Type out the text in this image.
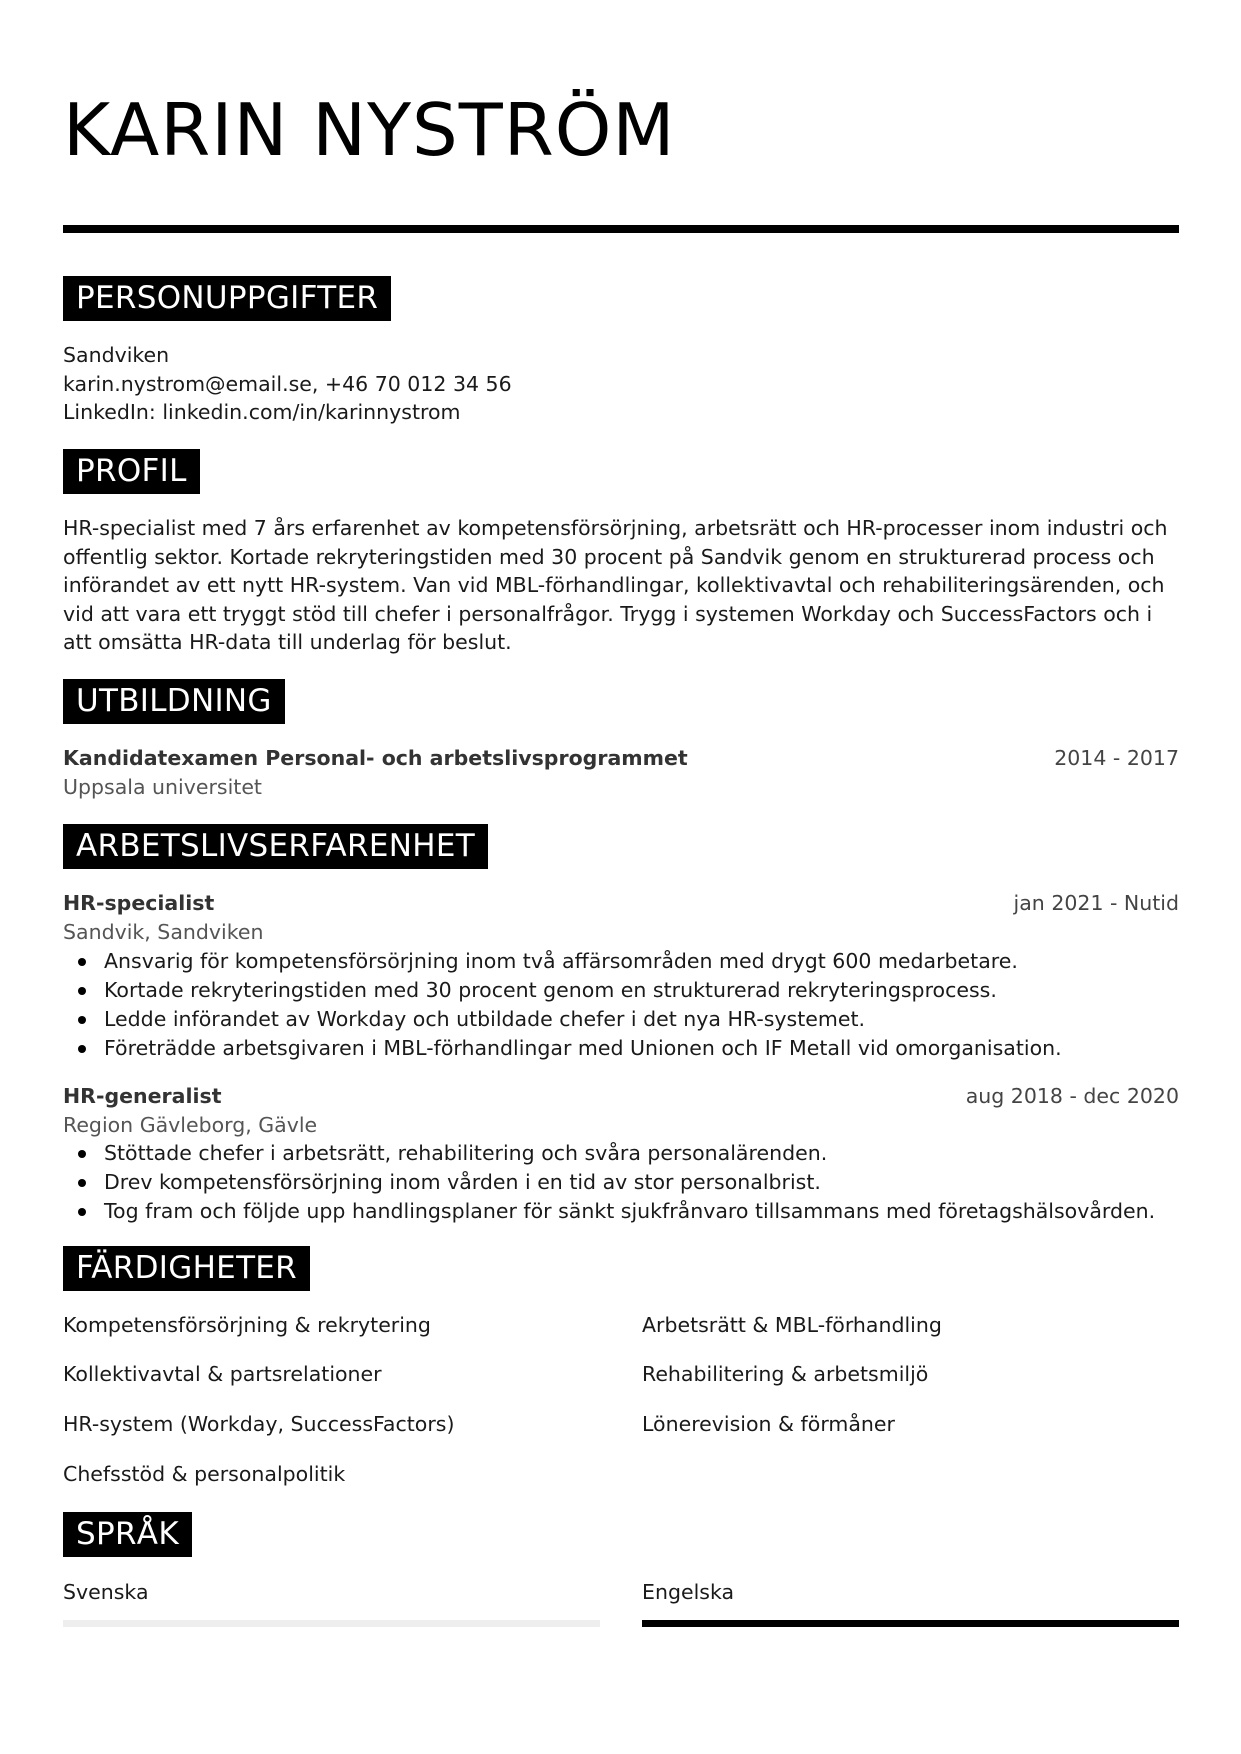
KARIN NYSTRÖM
PERSONUPPGIFTER
Sandviken
karin.nystrom@email.se, +46 70 012 34 56
LinkedIn: linkedin.com/in/karinnystrom
PROFIL
HR-specialist med 7 års erfarenhet av kompetensförsörjning, arbetsrätt och HR-processer inom industri och
offentlig sektor. Kortade rekryteringstiden med 30 procent på Sandvik genom en strukturerad process och
införandet av ett nytt HR-system. Van vid MBL-förhandlingar, kollektivavtal och rehabiliteringsärenden, och
vid att vara ett tryggt stöd till chefer i personalfrågor. Trygg i systemen Workday och SuccessFactors och i
att omsätta HR-data till underlag för beslut.
UTBILDNING
Kandidatexamen Personal- och arbetslivsprogrammet	2014 - 2017
Uppsala universitet
ARBETSLIVSERFARENHET
HR-specialist	jan 2021 - Nutid
Sandvik, Sandviken
Ansvarig för kompetensförsörjning inom två affärsområden med drygt 600 medarbetare.
Kortade rekryteringstiden med 30 procent genom en strukturerad rekryteringsprocess.
Ledde införandet av Workday och utbildade chefer i det nya HR-systemet.
Företrädde arbetsgivaren i MBL-förhandlingar med Unionen och IF Metall vid omorganisation.
HR-generalist	aug 2018 - dec 2020
Region Gävleborg, Gävle
Stöttade chefer i arbetsrätt, rehabilitering och svåra personalärenden.
Drev kompetensförsörjning inom vården i en tid av stor personalbrist.
Tog fram och följde upp handlingsplaner för sänkt sjukfrånvaro tillsammans med företagshälsovården.
FÄRDIGHETER
Kompetensförsörjning & rekrytering	Arbetsrätt & MBL-förhandling
Kollektivavtal & partsrelationer	Rehabilitering & arbetsmiljö
HR-system (Workday, SuccessFactors)	Lönerevision & förmåner
Chefsstöd & personalpolitik
SPRÅK
Svenska	Engelska
